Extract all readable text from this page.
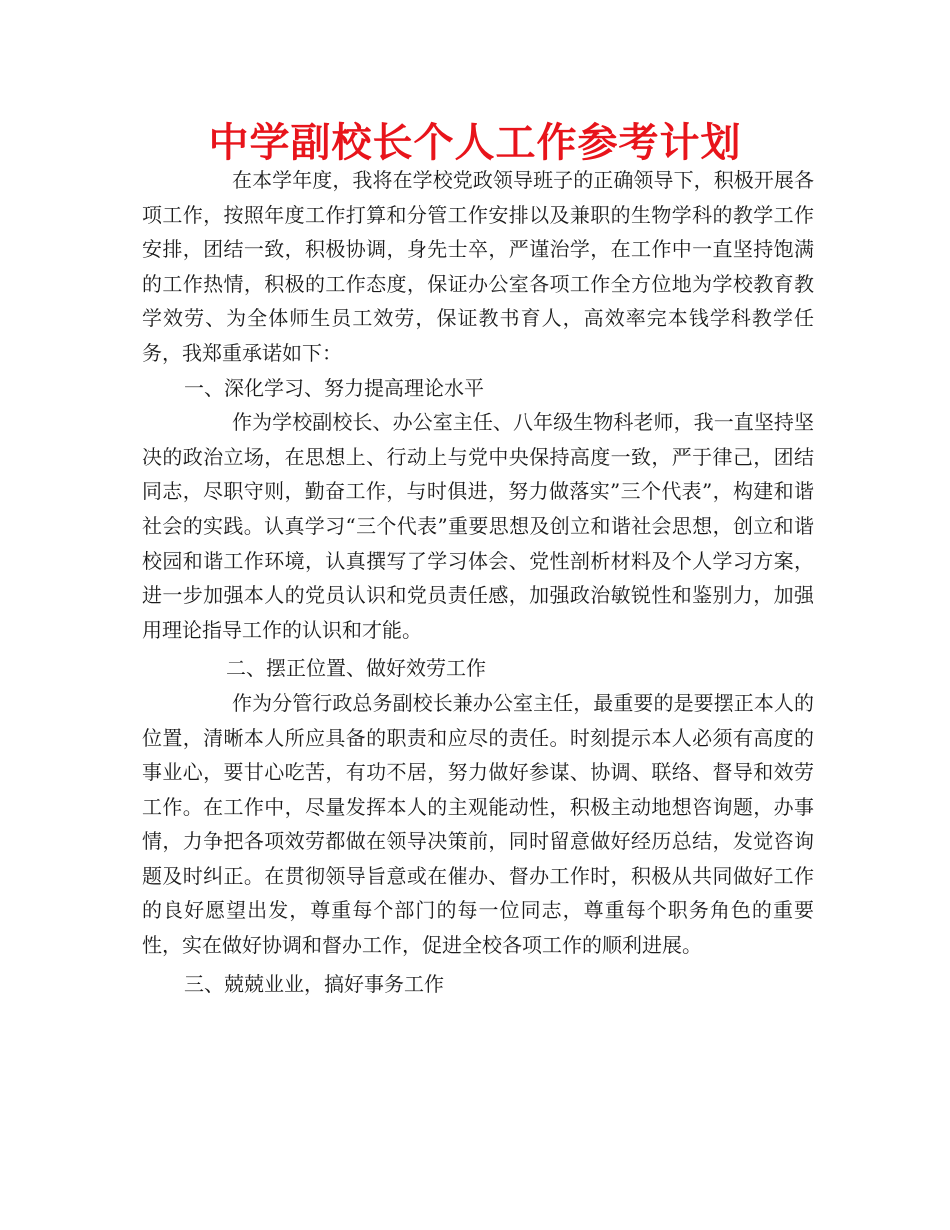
中学副校长个人工作参考计划

在本学年度，我将在学校党政领导班子的正确领导下，积极开展各项工作，按照年度工作打算和分管工作安排以及兼职的生物学科的教学工作安排，团结一致，积极协调，身先士卒，严谨治学，在工作中一直坚持饱满的工作热情，积极的工作态度，保证办公室各项工作全方位地为学校教育教学效劳、为全体师生员工效劳，保证教书育人，高效率完本钱学科教学任务，我郑重承诺如下：

一、深化学习、努力提高理论水平

作为学校副校长、办公室主任、八年级生物科老师，我一直坚持坚决的政治立场，在思想上、行动上与党中央保持高度一致，严于律己，团结同志，尽职守则，勤奋工作，与时俱进，努力做落实”三个代表”，构建和谐社会的实践。认真学习“三个代表”重要思想及创立和谐社会思想，创立和谐校园和谐工作环境，认真撰写了学习体会、党性剖析材料及个人学习方案，进一步加强本人的党员认识和党员责任感，加强政治敏锐性和鉴别力，加强用理论指导工作的认识和才能。

二、摆正位置、做好效劳工作

作为分管行政总务副校长兼办公室主任，最重要的是要摆正本人的位置，清晰本人所应具备的职责和应尽的责任。时刻提示本人必须有高度的事业心，要甘心吃苦，有功不居，努力做好参谋、协调、联络、督导和效劳工作。在工作中，尽量发挥本人的主观能动性，积极主动地想咨询题，办事情，力争把各项效劳都做在领导决策前，同时留意做好经历总结，发觉咨询题及时纠正。在贯彻领导旨意或在催办、督办工作时，积极从共同做好工作的良好愿望出发，尊重每个部门的每一位同志，尊重每个职务角色的重要性，实在做好协调和督办工作，促进全校各项工作的顺利进展。

三、兢兢业业，搞好事务工作
